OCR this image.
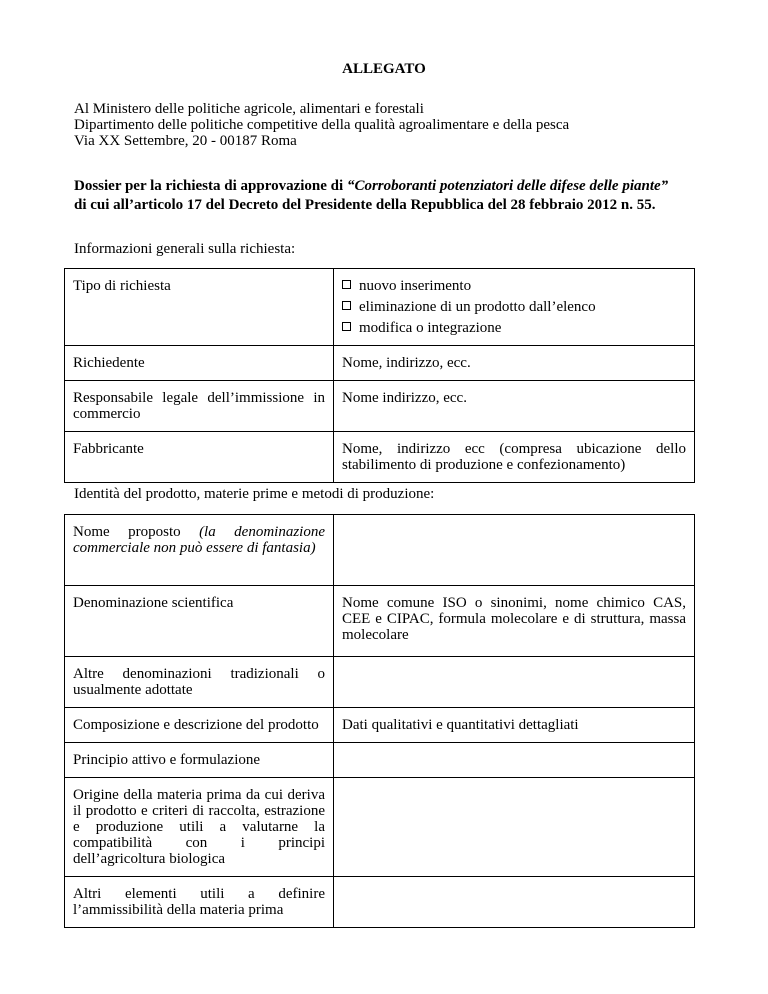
ALLEGATO
Al Ministero delle politiche agricole, alimentari e forestali
Dipartimento delle politiche competitive della qualità agroalimentare e della pesca
Via XX Settembre, 20 - 00187 Roma
Dossier per la richiesta di approvazione di “Corroboranti potenziatori delle difese delle piante”
di cui all’articolo 17 del Decreto del Presidente della Repubblica del 28 febbraio 2012 n. 55.
Informazioni generali sulla richiesta:
Tipo di richiesta	nuovo inserimento
eliminazione di un prodotto dall’elenco
modifica o integrazione

Richiedente	Nome, indirizzo, ecc.
Responsabile legale dell’immissione in commercio	Nome indirizzo, ecc.
Fabbricante	Nome, indirizzo ecc (compresa ubicazione dello stabilimento di produzione e confezionamento)
Identità del prodotto, materie prime e metodi di produzione:
Nome proposto (la denominazione commerciale non può essere di fantasia)	
Denominazione scientifica	Nome comune ISO o sinonimi, nome chimico CAS, CEE e CIPAC, formula molecolare e di struttura, massa molecolare
Altre denominazioni tradizionali o usualmente adottate	
Composizione e descrizione del prodotto	Dati qualitativi e quantitativi dettagliati
Principio attivo e formulazione	
Origine della materia prima da cui deriva il prodotto e criteri di raccolta, estrazione e produzione utili a valutarne la compatibilità con i principi dell’agricoltura biologica	
Altri elementi utili a definire l’ammissibilità della materia prima	
